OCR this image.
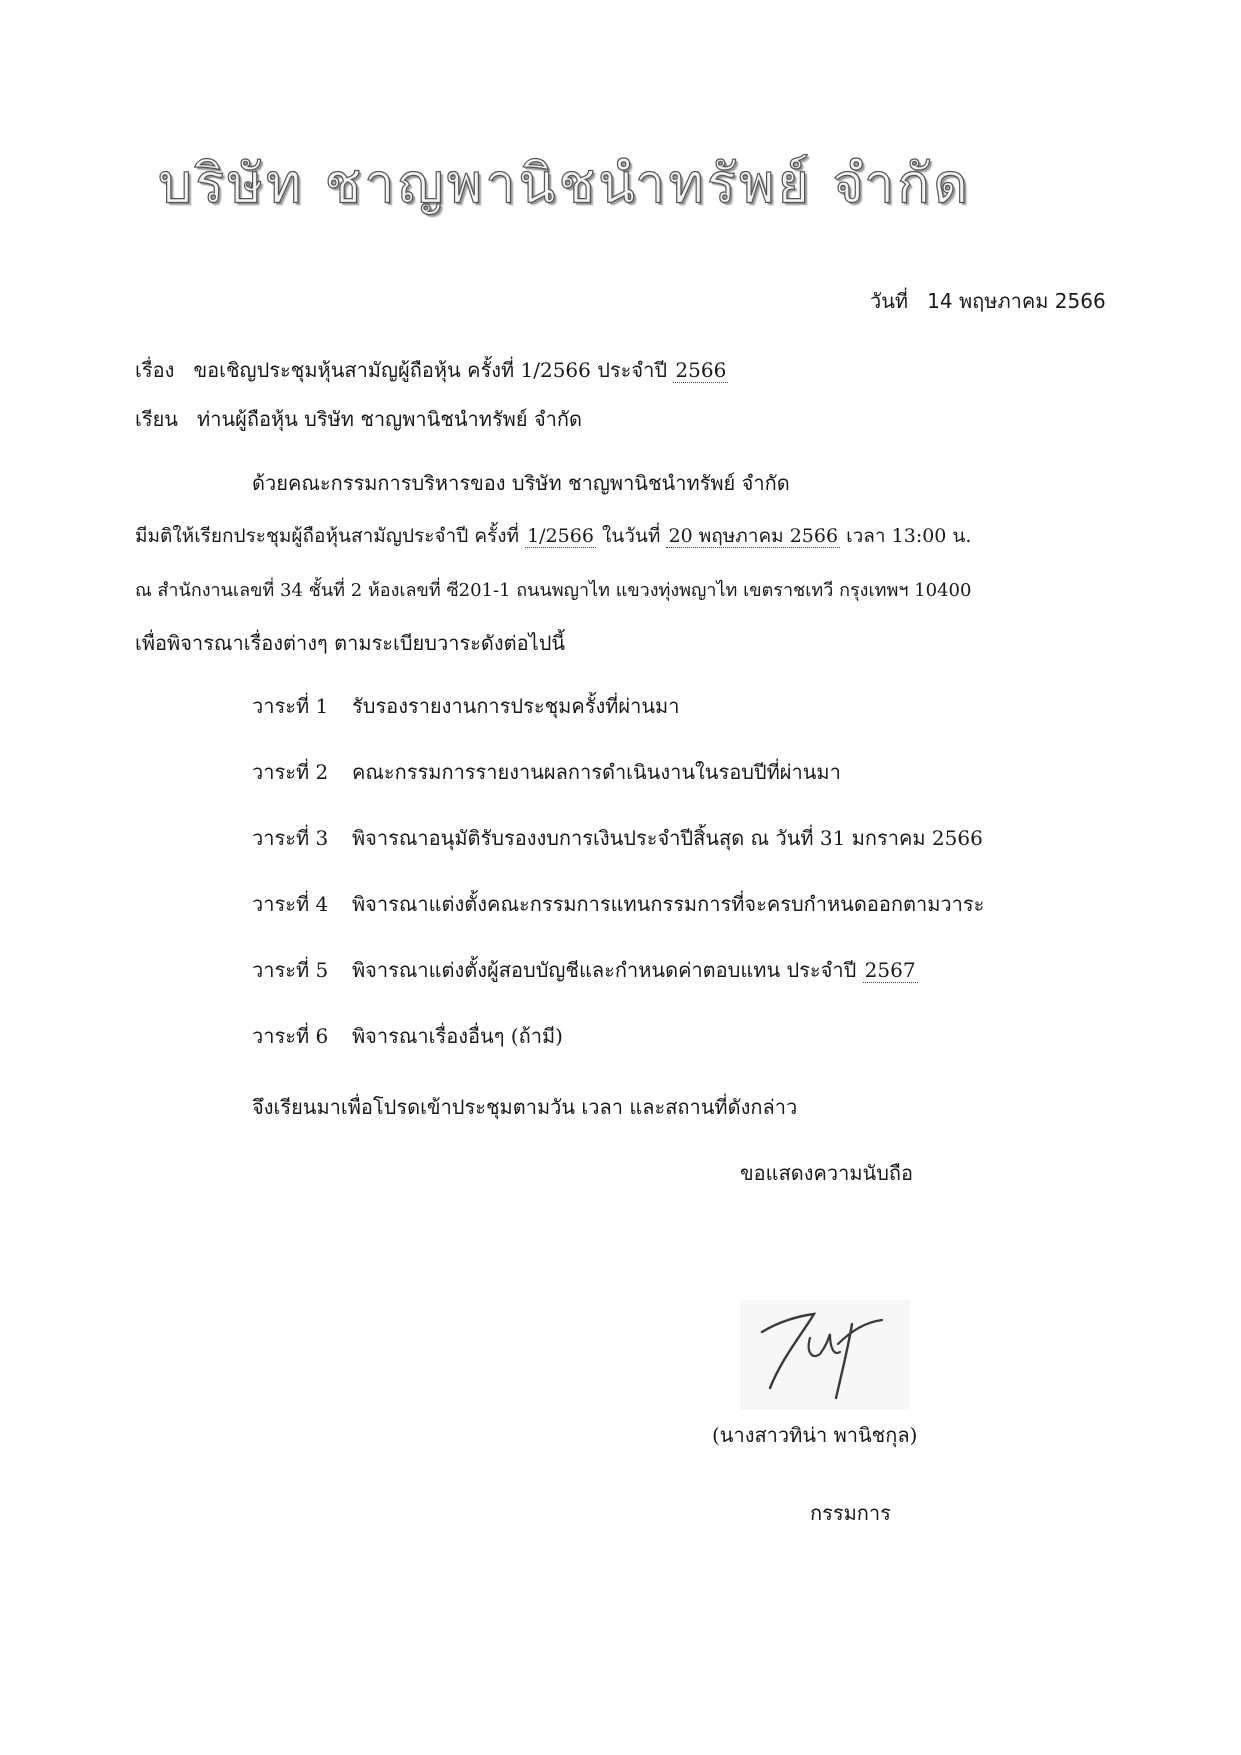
บริษัท ชาญพานิชนำทรัพย์ จำกัด
วันที่ 14 พฤษภาคม 2566
เรื่อง ขอเชิญประชุมหุ้นสามัญผู้ถือหุ้น ครั้งที่ 1/2566 ประจำปี 2566
เรียน ท่านผู้ถือหุ้น บริษัท ชาญพานิชนำทรัพย์ จำกัด
ด้วยคณะกรรมการบริหารของ บริษัท ชาญพานิชนำทรัพย์ จำกัด
มีมติให้เรียกประชุมผู้ถือหุ้นสามัญประจำปี ครั้งที่ 1/2566 ในวันที่ 20 พฤษภาคม 2566 เวลา 13:00 น.
ณ สำนักงานเลขที่ 34 ชั้นที่ 2 ห้องเลขที่ ซี201-1 ถนนพญาไท แขวงทุ่งพญาไท เขตราชเทวี กรุงเทพฯ 10400
เพื่อพิจารณาเรื่องต่างๆ ตามระเบียบวาระดังต่อไปนี้
วาระที่ 1 รับรองรายงานการประชุมครั้งที่ผ่านมา
วาระที่ 2 คณะกรรมการรายงานผลการดำเนินงานในรอบปีที่ผ่านมา
วาระที่ 3 พิจารณาอนุมัติรับรองงบการเงินประจำปีสิ้นสุด ณ วันที่ 31 มกราคม 2566
วาระที่ 4 พิจารณาแต่งตั้งคณะกรรมการแทนกรรมการที่จะครบกำหนดออกตามวาระ
วาระที่ 5 พิจารณาแต่งตั้งผู้สอบบัญชีและกำหนดค่าตอบแทน ประจำปี 2567
วาระที่ 6 พิจารณาเรื่องอื่นๆ (ถ้ามี)
จึงเรียนมาเพื่อโปรดเข้าประชุมตามวัน เวลา และสถานที่ดังกล่าว
ขอแสดงความนับถือ
(นางสาวทิน่า พานิชกุล)
กรรมการ
